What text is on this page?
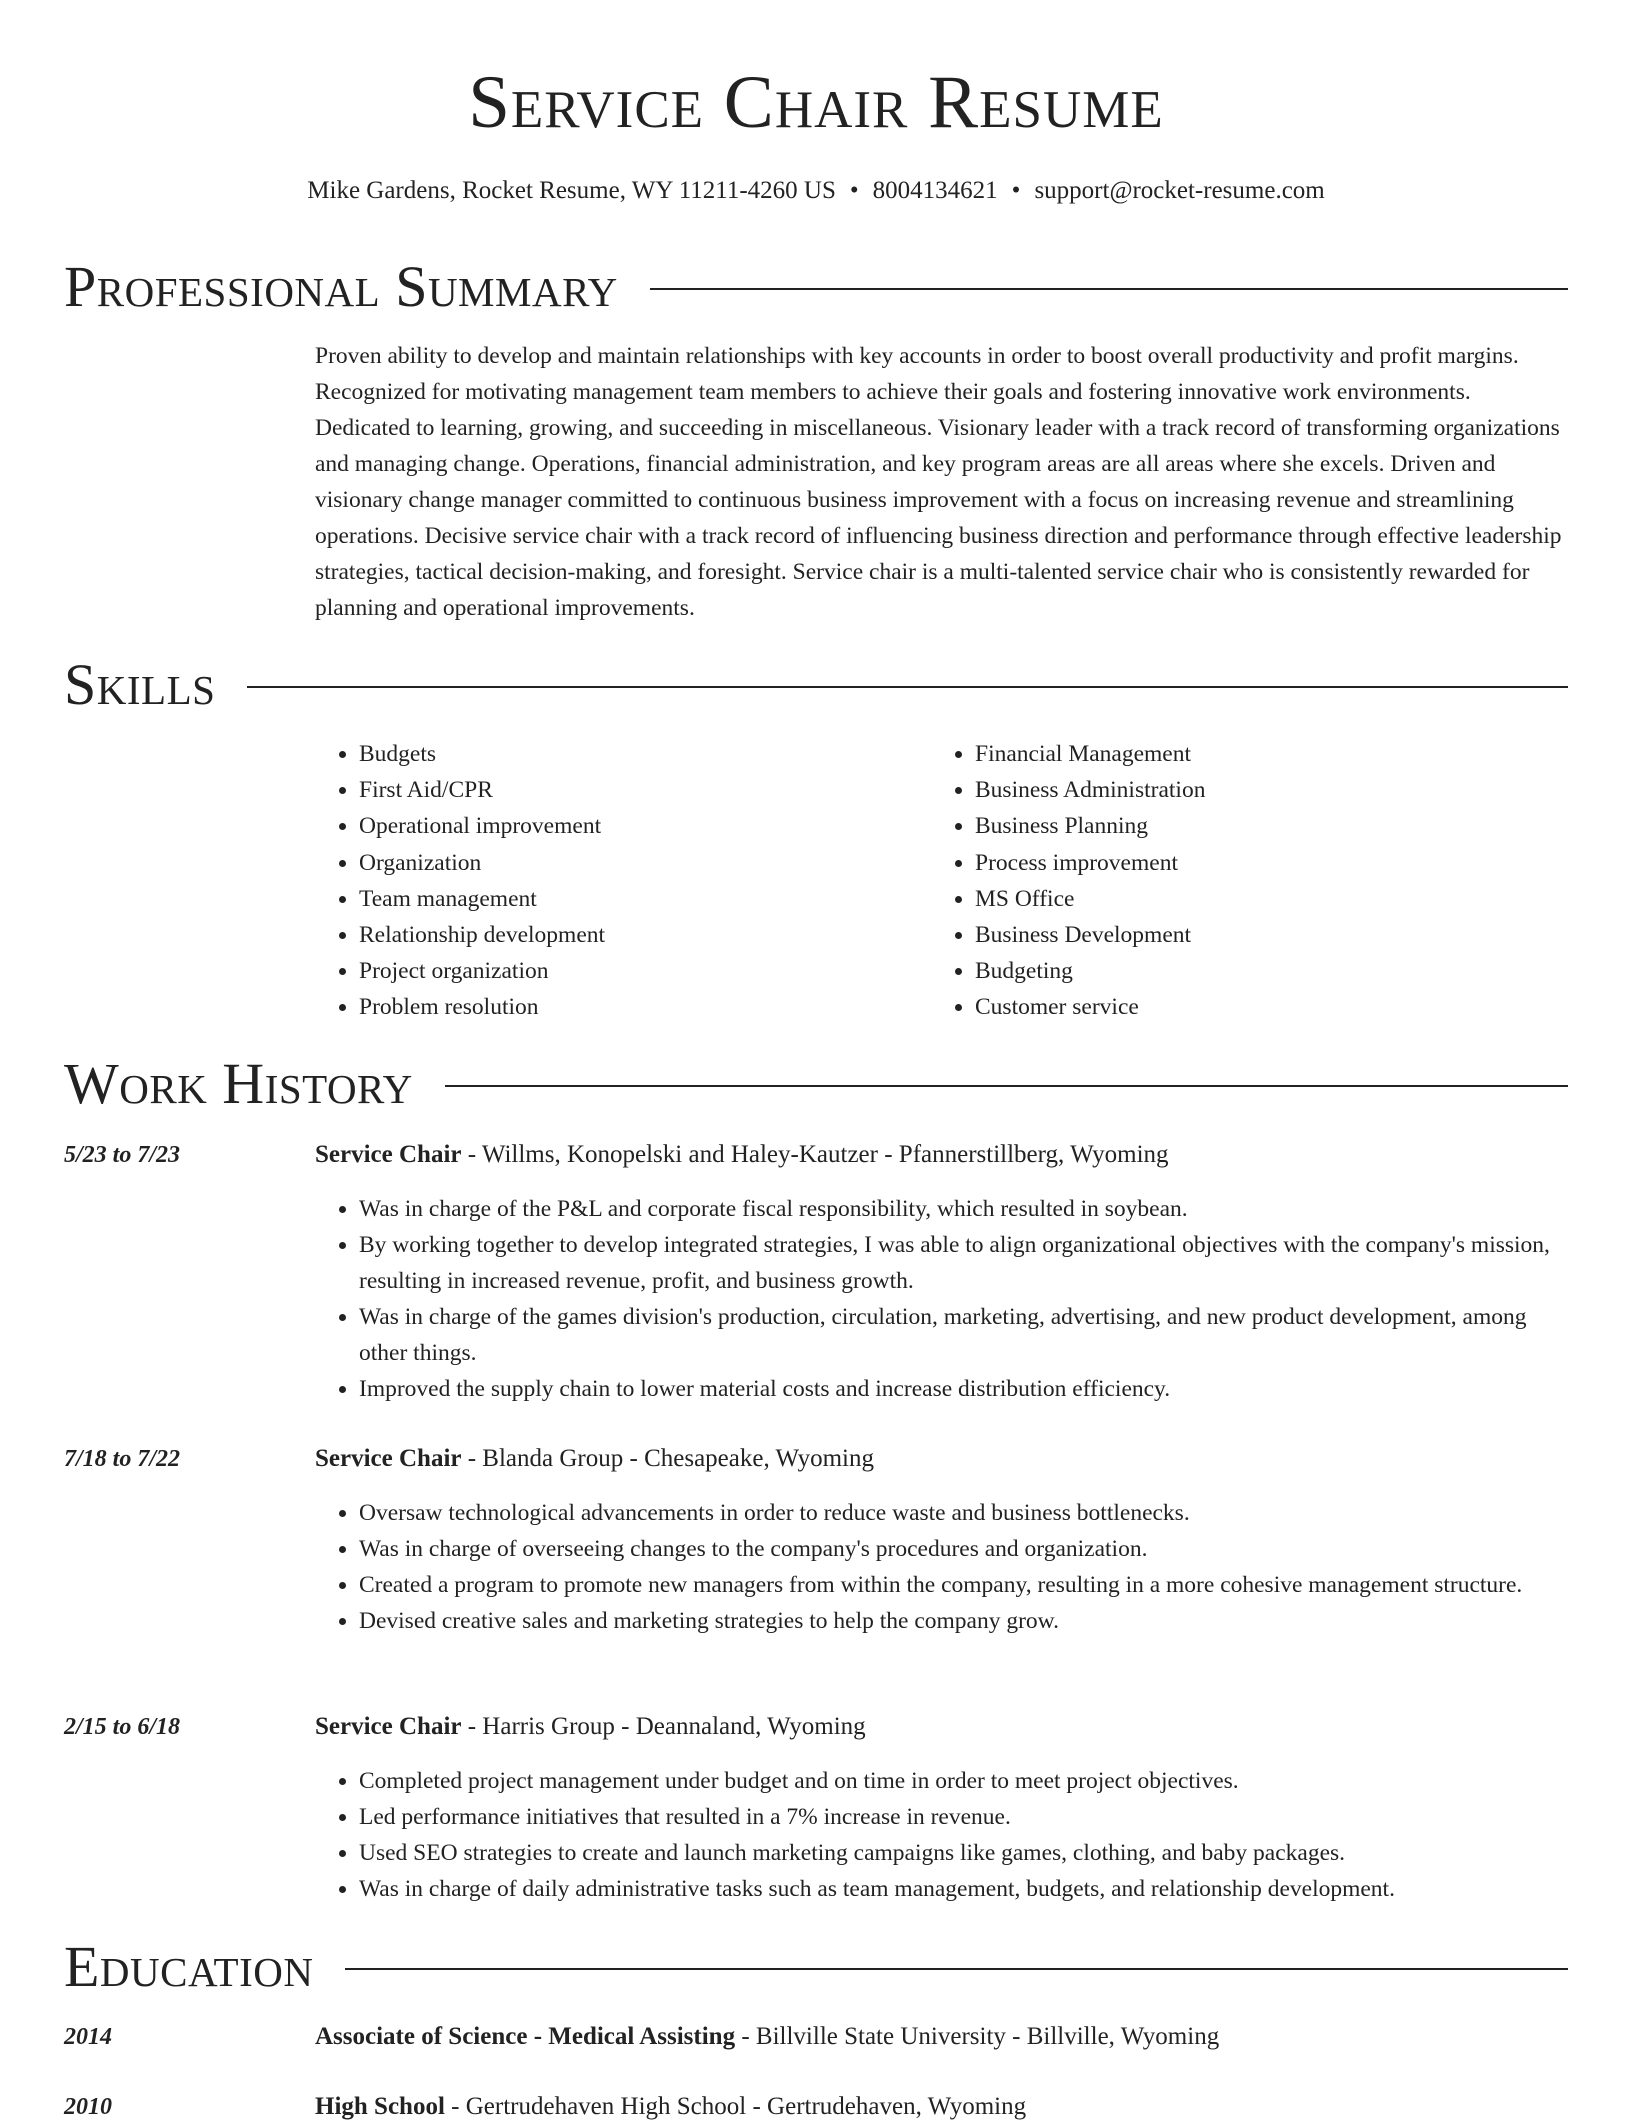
Service Chair Resume
Mike Gardens, Rocket Resume, WY 11211-4260 US • 8004134621 • support@rocket-resume.com
Professional Summary

Proven ability to develop and maintain relationships with key accounts in order to boost overall productivity and profit margins. Recognized for motivating management team members to achieve their goals and fostering innovative work environments. Dedicated to learning, growing, and succeeding in miscellaneous. Visionary leader with a track record of transforming organizations and managing change. Operations, financial administration, and key program areas are all areas where she excels. Driven and visionary change manager committed to continuous business improvement with a focus on increasing revenue and streamlining operations. Decisive service chair with a track record of influencing business direction and performance through effective leadership strategies, tactical decision-making, and foresight. Service chair is a multi-talented service chair who is consistently rewarded for planning and operational improvements.

Skills
• Budgets
• First Aid/CPR
• Operational improvement
• Organization
• Team management
• Relationship development
• Project organization
• Problem resolution
• Financial Management
• Business Administration
• Business Planning
• Process improvement
• MS Office
• Business Development
• Budgeting
• Customer service
Work History
5/23 to 7/23	Service Chair - Willms, Konopelski and Haley-Kautzer - Pfannerstillberg, Wyoming
• Was in charge of the P&L and corporate fiscal responsibility, which resulted in soybean.
• By working together to develop integrated strategies, I was able to align organizational objectives with the company's mission, resulting in increased revenue, profit, and business growth.
• Was in charge of the games division's production, circulation, marketing, advertising, and new product development, among other things.
• Improved the supply chain to lower material costs and increase distribution efficiency.
7/18 to 7/22	Service Chair - Blanda Group - Chesapeake, Wyoming
• Oversaw technological advancements in order to reduce waste and business bottlenecks.
• Was in charge of overseeing changes to the company's procedures and organization.
• Created a program to promote new managers from within the company, resulting in a more cohesive management structure.
• Devised creative sales and marketing strategies to help the company grow.
2/15 to 6/18	Service Chair - Harris Group - Deannaland, Wyoming
• Completed project management under budget and on time in order to meet project objectives.
• Led performance initiatives that resulted in a 7% increase in revenue.
• Used SEO strategies to create and launch marketing campaigns like games, clothing, and baby packages.
• Was in charge of daily administrative tasks such as team management, budgets, and relationship development.
Education
2014	Associate of Science - Medical Assisting - Billville State University - Billville, Wyoming
2010	High School - Gertrudehaven High School - Gertrudehaven, Wyoming
